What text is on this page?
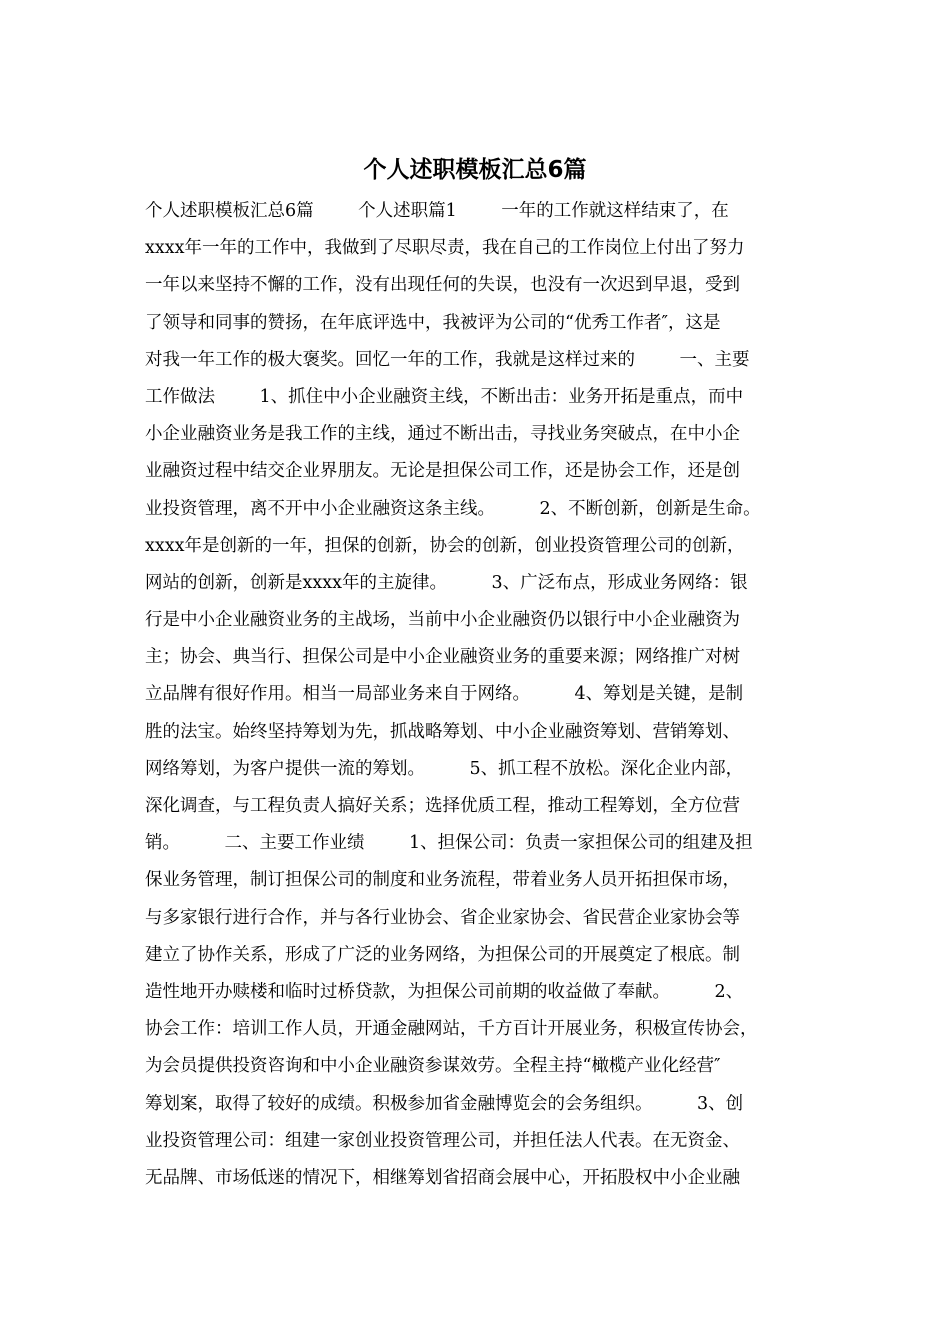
个人述职模板汇总6篇
个人述职模板汇总6篇        个人述职篇1        一年的工作就这样结束了，在
xxxx年一年的工作中，我做到了尽职尽责，我在自己的工作岗位上付出了努力
一年以来坚持不懈的工作，没有出现任何的失误，也没有一次迟到早退，受到
了领导和同事的赞扬，在年底评选中，我被评为公司的“优秀工作者″，这是
对我一年工作的极大褒奖。回忆一年的工作，我就是这样过来的        一、主要
工作做法        1、抓住中小企业融资主线，不断出击：业务开拓是重点，而中
小企业融资业务是我工作的主线，通过不断出击，寻找业务突破点，在中小企
业融资过程中结交企业界朋友。无论是担保公司工作，还是协会工作，还是创
业投资管理，离不开中小企业融资这条主线。        2、不断创新，创新是生命。
xxxx年是创新的一年，担保的创新，协会的创新，创业投资管理公司的创新，
网站的创新，创新是xxxx年的主旋律。        3、广泛布点，形成业务网络：银
行是中小企业融资业务的主战场，当前中小企业融资仍以银行中小企业融资为
主；协会、典当行、担保公司是中小企业融资业务的重要来源；网络推广对树
立品牌有很好作用。相当一局部业务来自于网络。        4、筹划是关键，是制
胜的法宝。始终坚持筹划为先，抓战略筹划、中小企业融资筹划、营销筹划、
网络筹划，为客户提供一流的筹划。        5、抓工程不放松。深化企业内部，
深化调查，与工程负责人搞好关系；选择优质工程，推动工程筹划，全方位营
销。        二、主要工作业绩        1、担保公司：负责一家担保公司的组建及担
保业务管理，制订担保公司的制度和业务流程，带着业务人员开拓担保市场，
与多家银行进行合作，并与各行业协会、省企业家协会、省民营企业家协会等
建立了协作关系，形成了广泛的业务网络，为担保公司的开展奠定了根底。制
造性地开办赎楼和临时过桥贷款，为担保公司前期的收益做了奉献。        2、
协会工作：培训工作人员，开通金融网站，千方百计开展业务，积极宣传协会，
为会员提供投资咨询和中小企业融资参谋效劳。全程主持“橄榄产业化经营″
筹划案，取得了较好的成绩。积极参加省金融博览会的会务组织。        3、创
业投资管理公司：组建一家创业投资管理公司，并担任法人代表。在无资金、
无品牌、市场低迷的情况下，相继筹划省招商会展中心，开拓股权中小企业融
